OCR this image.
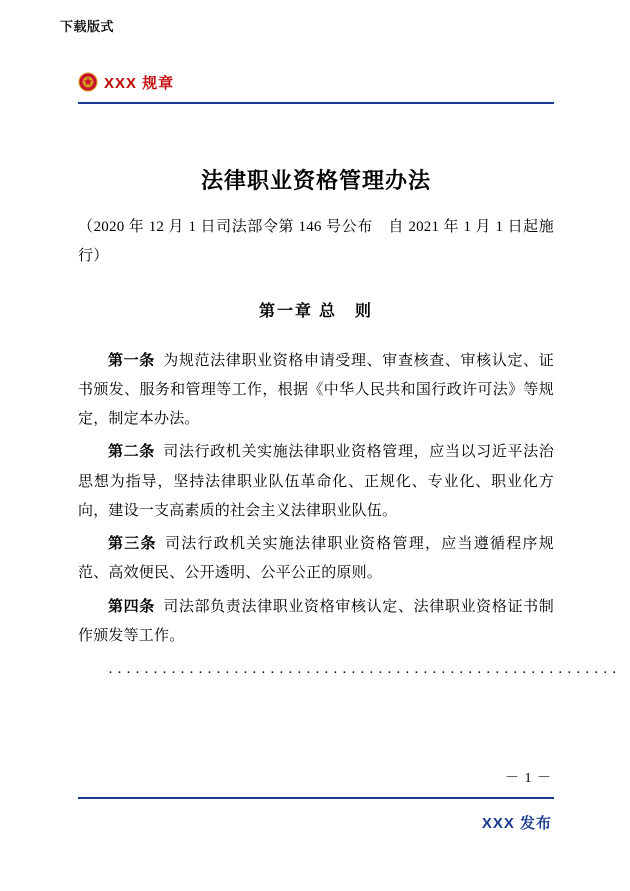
下载版式
XXX 规章
法律职业资格管理办法
（2020 年 12 月 1 日司法部令第 146 号公布　自 2021 年 1 月 1 日起施行）
第一章 总　则

第一条 为规范法律职业资格申请受理、审查核查、审核认定、证书颁发、服务和管理等工作，根据《中华人民共和国行政许可法》等规定，制定本办法。

第二条 司法行政机关实施法律职业资格管理，应当以习近平法治思想为指导，坚持法律职业队伍革命化、正规化、专业化、职业化方向，建设一支高素质的社会主义法律职业队伍。

第三条 司法行政机关实施法律职业资格管理，应当遵循程序规范、高效便民、公开透明、公平公正的原则。

第四条 司法部负责法律职业资格审核认定、法律职业资格证书制作颁发等工作。

·························································
－ 1 －
XXX 发布
